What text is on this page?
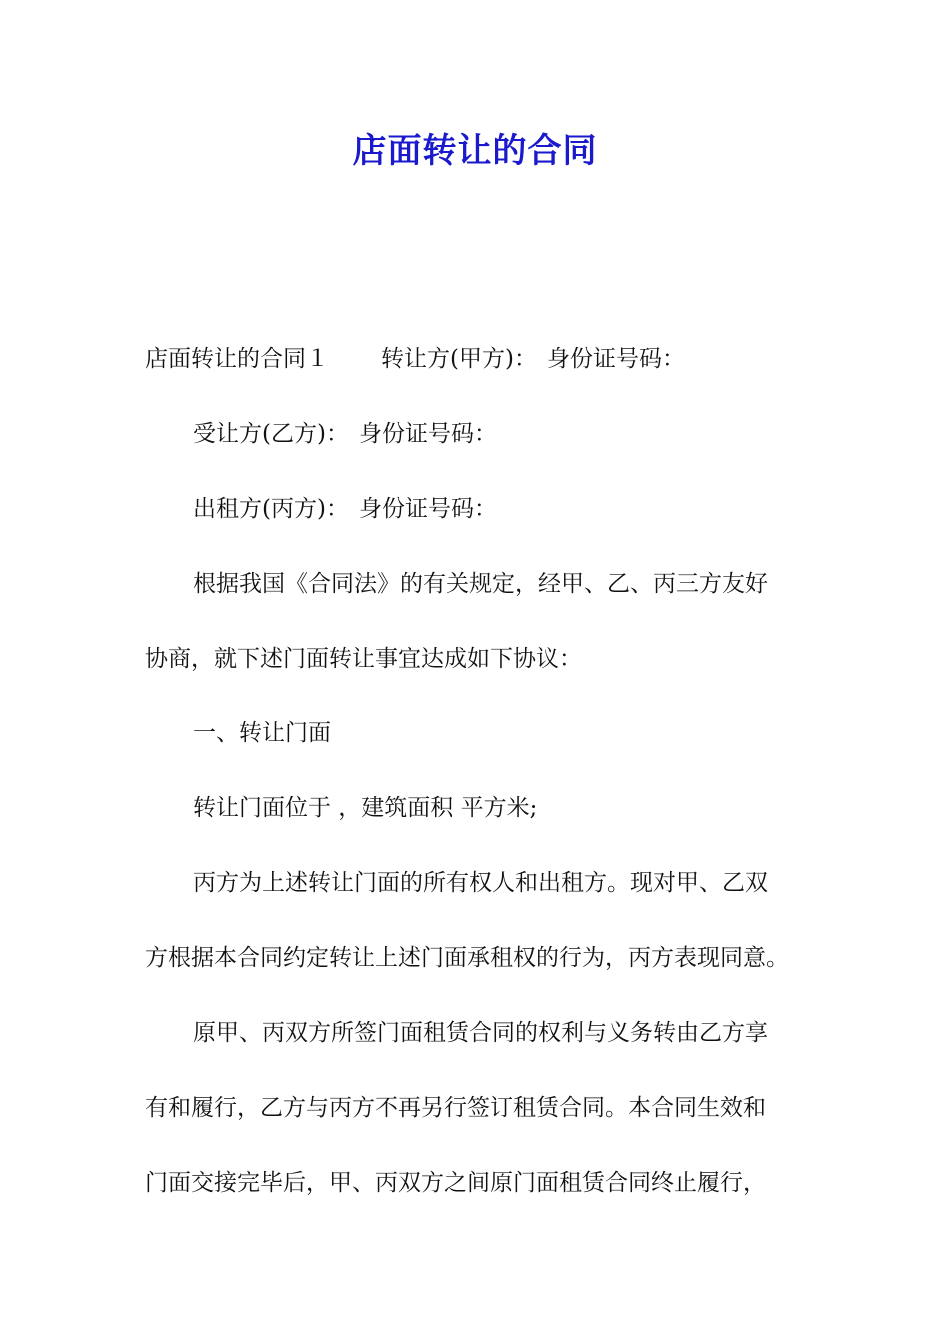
店面转让的合同
店面转让的合同１ 转让方(甲方)： 身份证号码：
受让方(乙方)： 身份证号码：
出租方(丙方)： 身份证号码：
根据我国《合同法》的有关规定，经甲、乙、丙三方友好
协商，就下述门面转让事宜达成如下协议：
一、转让门面
转让门面位于 ，建筑面积 平方米;
丙方为上述转让门面的所有权人和出租方。现对甲、乙双
方根据本合同约定转让上述门面承租权的行为，丙方表现同意。
原甲、丙双方所签门面租赁合同的权利与义务转由乙方享
有和履行，乙方与丙方不再另行签订租赁合同。本合同生效和
门面交接完毕后，甲、丙双方之间原门面租赁合同终止履行，
